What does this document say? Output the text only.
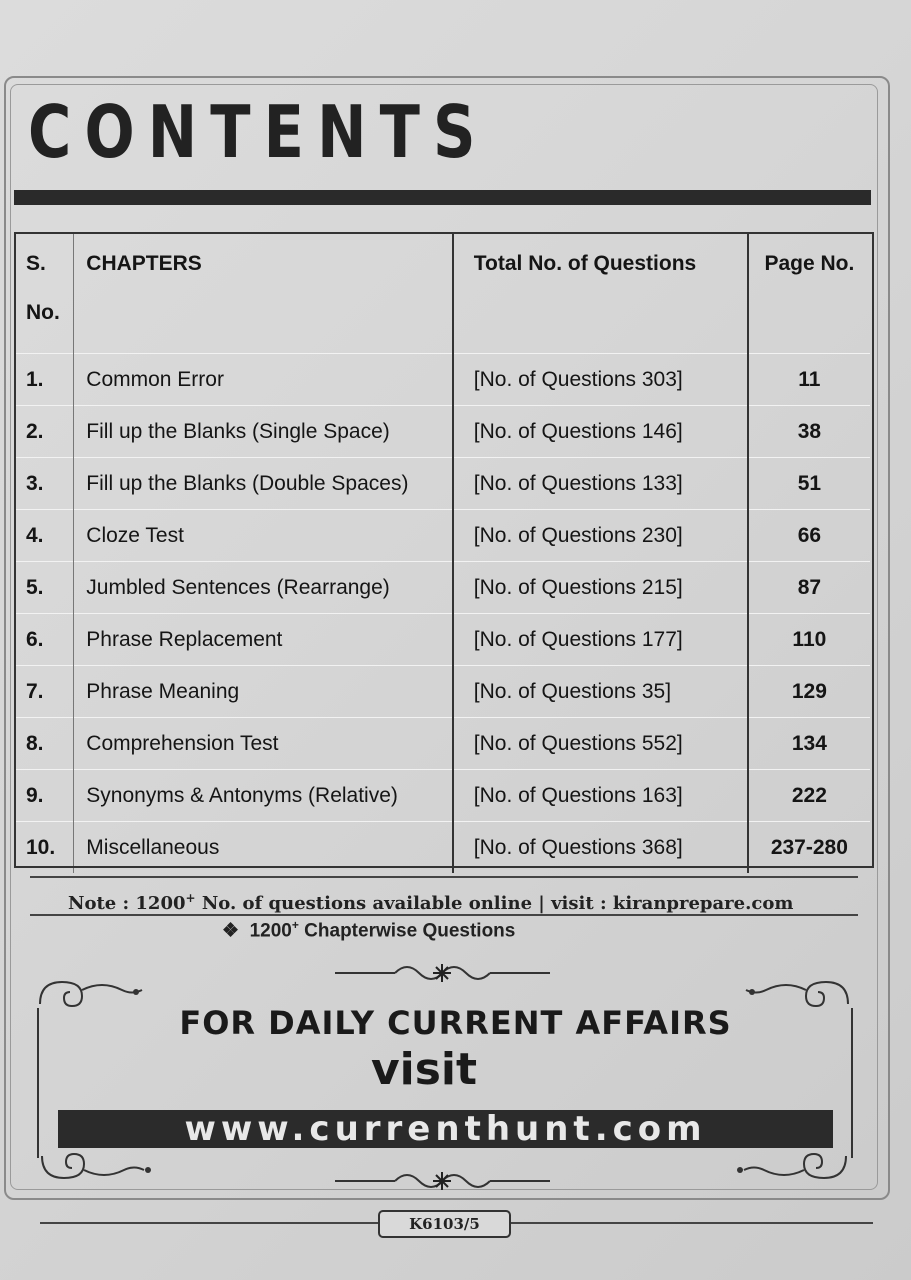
CONTENTS
S.	CHAPTERS	Total No. of Questions	Page No.
No.			
1.	Common Error	[No. of Questions 303]	11
2.	Fill up the Blanks (Single Space)	[No. of Questions 146]	38
3.	Fill up the Blanks (Double Spaces)	[No. of Questions 133]	51
4.	Cloze Test	[No. of Questions 230]	66
5.	Jumbled Sentences (Rearrange)	[No. of Questions 215]	87
6.	Phrase Replacement	[No. of Questions 177]	110
7.	Phrase Meaning	[No. of Questions 35]	129
8.	Comprehension Test	[No. of Questions 552]	134
9.	Synonyms & Antonyms (Relative)	[No. of Questions 163]	222
10.	Miscellaneous	[No. of Questions 368]	237-280
Note : 1200+ No. of questions available online | visit : kiranprepare.com
❖ 1200+ Chapterwise Questions
FOR DAILY CURRENT AFFAIRS
visit
www.currenthunt.com
K6103/5
